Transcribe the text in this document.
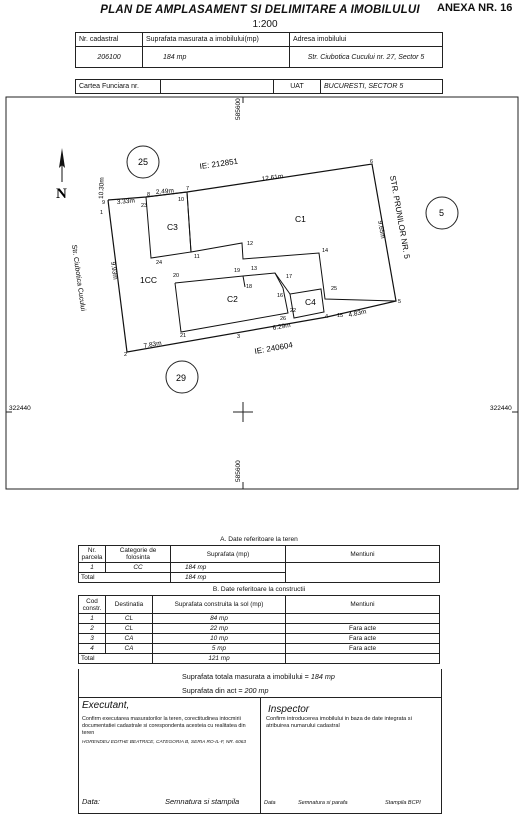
PLAN DE AMPLASAMENT SI DELIMITARE A IMOBILULUI	ANEXA NR. 16
1:200
Nr. cadastral	Suprafata masurata a imobilului(mp)	Adresa imobilului
206100	184 mp	Str. Ciubotica Cucului nr. 27, Sector 5
Cartea Funciara nr.		UAT	BUCURESTI, SECTOR 5
585600
585600
322440	322440
N
25
5
29
1
2
3
4
5
6
7
8
9	10
11
12
13
14
15
16
17
18
19
20
21
22
23
24
25
26
C1
C2
C3
C4
1CC
IE: 212851
IE: 240604
STR. PRUNILOR NR. 5
Str. Ciubotica Cucului
10.30m
3.33m
2.49m
12.61m
9.65m
4.83m
6.29m
7.83m
9.93m
A. Date referitoare la teren
Nr. parcela	Categorie de folosinta	Suprafata (mp)	Mentiuni
1	CC	184 mp	
Total		184 mp	
B. Date referitoare la constructii
Cod constr.	Destinatia	Suprafata construita la sol (mp)	Mentiuni
1	CL	84 mp	
2	CL	22 mp	Fara acte
3	CA	10 mp	Fara acte
4	CA	5 mp	Fara acte
Total		121 mp	
Suprafata totala masurata a imobilului = 184 mp
Suprafata din act = 200 mp
Executant,
Confirm executarea masuratorilor la teren, corectitudinea intocmirii documentatiei cadastrale si corespondenta acesteia cu realitatea din teren
HORENDEU EDITHE BEATRICE, CATEGORIA B, SERIA RO-IL-F, NR. 6063
Data:	Semnatura si stampila
Inspector
Confirm introducerea imobilului in baza de date integrata si atribuirea numarului cadastral
Data	Semnatura si parafa	Stampila BCPI
